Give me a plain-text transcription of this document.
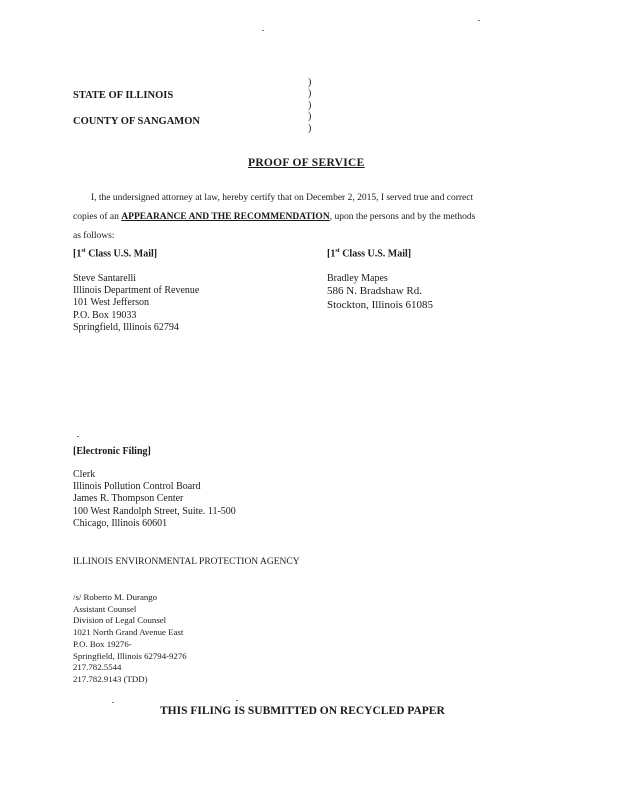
STATE OF ILLINOIS
COUNTY OF SANGAMON
)
)
)
)
)
PROOF OF SERVICE
I, the undersigned attorney at law, hereby certify that on December 2, 2015, I served true and correct
copies of an APPEARANCE AND THE RECOMMENDATION, upon the persons and by the methods
as follows:
[1st Class U.S. Mail]
Steve Santarelli
Illinois Department of Revenue
101 West Jefferson
P.O. Box 19033
Springfield, Illinois 62794
[1st Class U.S. Mail]
Bradley Mapes
586 N. Bradshaw Rd.
Stockton, Illinois 61085
[Electronic Filing]
Clerk
Illinois Pollution Control Board
James R. Thompson Center
100 West Randolph Street, Suite. 11-500
Chicago, Illinois 60601
ILLINOIS ENVIRONMENTAL PROTECTION AGENCY
/s/ Roberto M. Durango
Assistant Counsel
Division of Legal Counsel
1021 North Grand Avenue East
P.O. Box 19276-
Springfield, Illinois 62794-9276
217.782.5544
217.782.9143 (TDD)
THIS FILING IS SUBMITTED ON RECYCLED PAPER
